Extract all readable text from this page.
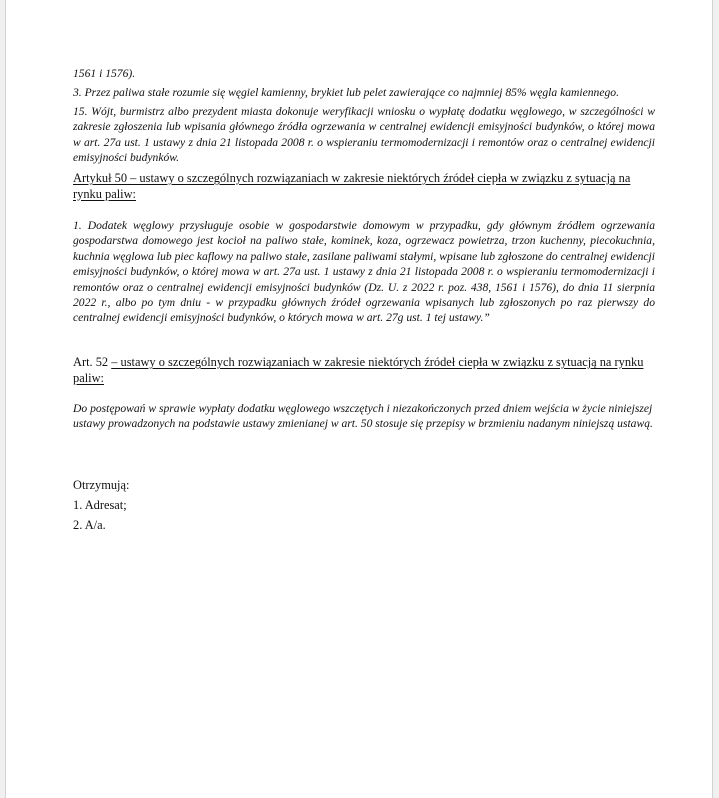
1561 i 1576).

3. Przez paliwa stałe rozumie się węgiel kamienny, brykiet lub pelet zawierające co najmniej 85% węgla kamiennego.

15. Wójt, burmistrz albo prezydent miasta dokonuje weryfikacji wniosku o wypłatę dodatku węglowego, w szczególności w zakresie zgłoszenia lub wpisania głównego źródła ogrzewania w centralnej ewidencji emisyjności budynków, o której mowa w art. 27a ust. 1 ustawy z dnia 21 listopada 2008 r. o wspieraniu termomodernizacji i remontów oraz o centralnej ewidencji emisyjności budynków.

Artykuł 50 – ustawy o szczególnych rozwiązaniach w zakresie niektórych źródeł ciepła w związku z sytuacją na rynku paliw:

1. Dodatek węglowy przysługuje osobie w gospodarstwie domowym w przypadku, gdy głównym źródłem ogrzewania gospodarstwa domowego jest kocioł na paliwo stałe, kominek, koza, ogrzewacz powietrza, trzon kuchenny, piecokuchnia, kuchnia węglowa lub piec kaflowy na paliwo stałe, zasilane paliwami stałymi, wpisane lub zgłoszone do centralnej ewidencji emisyjności budynków, o której mowa w art. 27a ust. 1 ustawy z dnia 21 listopada 2008 r. o wspieraniu termomodernizacji i remontów oraz o centralnej ewidencji emisyjności budynków (Dz. U. z 2022 r. poz. 438, 1561 i 1576), do dnia 11 sierpnia 2022 r., albo po tym dniu - w przypadku głównych źródeł ogrzewania wpisanych lub zgłoszonych po raz pierwszy do centralnej ewidencji emisyjności budynków, o których mowa w art. 27g ust. 1 tej ustawy.”

Art. 52 – ustawy o szczególnych rozwiązaniach w zakresie niektórych źródeł ciepła w związku z sytuacją na rynku paliw:

Do postępowań w sprawie wypłaty dodatku węglowego wszczętych i niezakończonych przed dniem wejścia w życie niniejszej ustawy prowadzonych na podstawie ustawy zmienianej w art. 50 stosuje się przepisy w brzmieniu nadanym niniejszą ustawą.

Otrzymują:

1. Adresat;

2. A/a.
